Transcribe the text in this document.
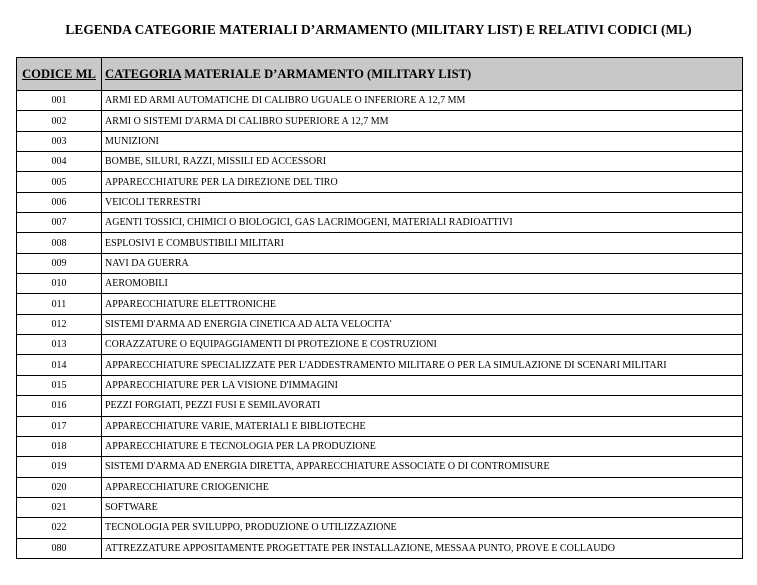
LEGENDA CATEGORIE MATERIALI D’ARMAMENTO (MILITARY LIST) E RELATIVI CODICI (ML)
CODICE ML	CATEGORIA MATERIALE D’ARMAMENTO (MILITARY LIST)
001	ARMI ED ARMI AUTOMATICHE DI CALIBRO UGUALE O INFERIORE A 12,7 MM
002	ARMI O SISTEMI D'ARMA DI CALIBRO SUPERIORE A 12,7 MM
003	MUNIZIONI
004	BOMBE, SILURI, RAZZI, MISSILI ED ACCESSORI
005	APPARECCHIATURE PER LA DIREZIONE DEL TIRO
006	VEICOLI TERRESTRI
007	AGENTI TOSSICI, CHIMICI O BIOLOGICI, GAS LACRIMOGENI, MATERIALI RADIOATTIVI
008	ESPLOSIVI E COMBUSTIBILI MILITARI
009	NAVI DA GUERRA
010	AEROMOBILI
011	APPARECCHIATURE ELETTRONICHE
012	SISTEMI D'ARMA AD ENERGIA CINETICA AD ALTA VELOCITA'
013	CORAZZATURE O EQUIPAGGIAMENTI DI PROTEZIONE E COSTRUZIONI
014	APPARECCHIATURE SPECIALIZZATE PER L'ADDESTRAMENTO MILITARE O PER LA SIMULAZIONE DI SCENARI MILITARI
015	APPARECCHIATURE PER LA VISIONE D'IMMAGINI
016	PEZZI FORGIATI, PEZZI FUSI E SEMILAVORATI
017	APPARECCHIATURE VARIE, MATERIALI E BIBLIOTECHE
018	APPARECCHIATURE E TECNOLOGIA PER LA PRODUZIONE
019	SISTEMI D'ARMA AD ENERGIA DIRETTA, APPARECCHIATURE ASSOCIATE O DI CONTROMISURE
020	APPARECCHIATURE CRIOGENICHE
021	SOFTWARE
022	TECNOLOGIA PER SVILUPPO, PRODUZIONE O UTILIZZAZIONE
080	ATTREZZATURE APPOSITAMENTE PROGETTATE PER INSTALLAZIONE, MESSAA PUNTO, PROVE E COLLAUDO
